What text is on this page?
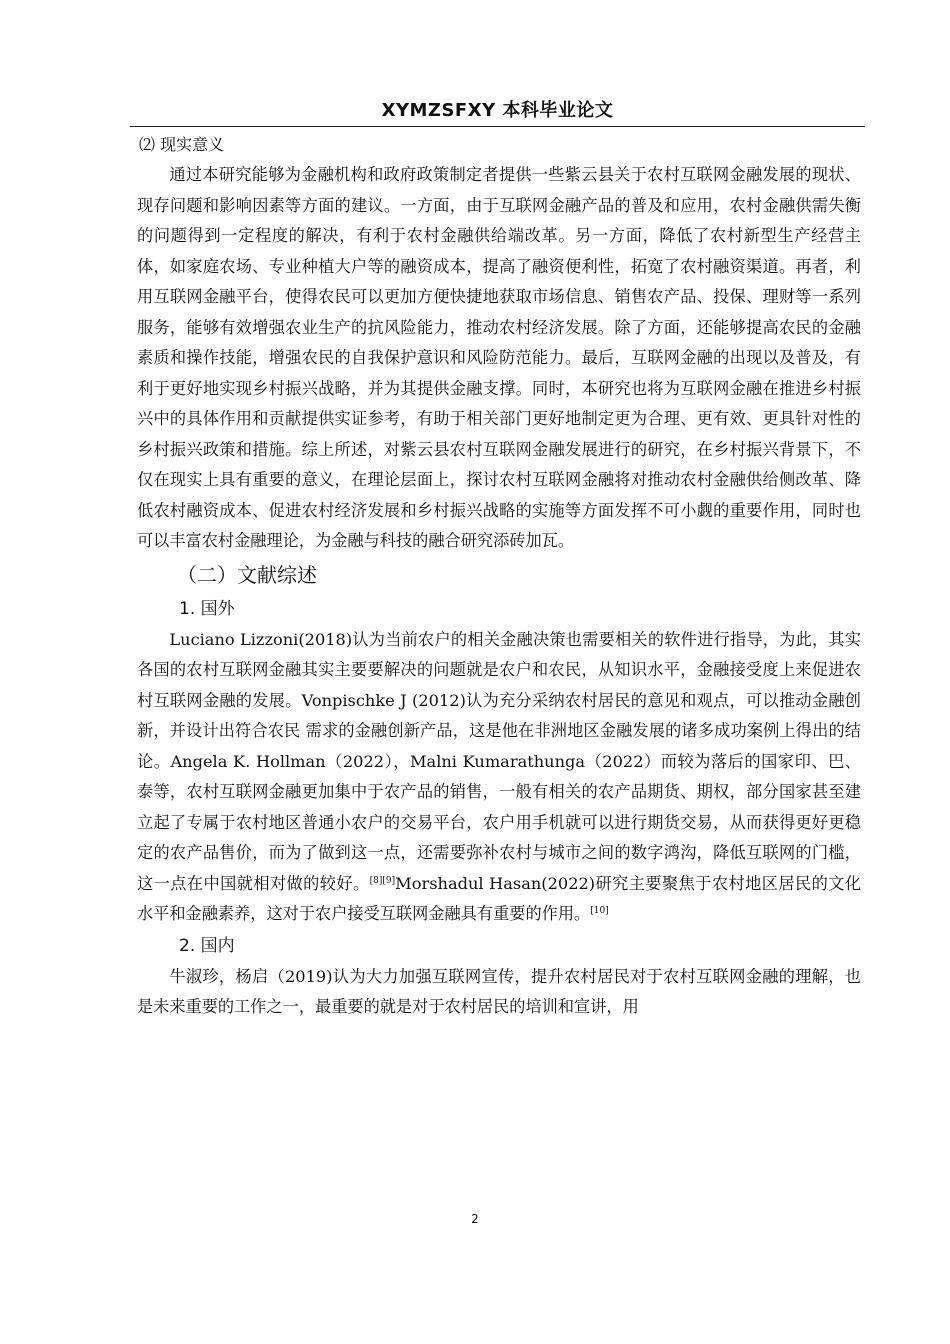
XYMZSFXY 本科毕业论文
⑵ 现实意义

通过本研究能够为金融机构和政府政策制定者提供一些紫云县关于农村互联网金融发展的现状、现存问题和影响因素等方面的建议。一方面，由于互联网金融产品的普及和应用，农村金融供需失衡的问题得到一定程度的解决，有利于农村金融供给端改革。另一方面，降低了农村新型生产经营主体，如家庭农场、专业种植大户等的融资成本，提高了融资便利性，拓宽了农村融资渠道。再者，利用互联网金融平台，使得农民可以更加方便快捷地获取市场信息、销售农产品、投保、理财等一系列服务，能够有效增强农业生产的抗风险能力，推动农村经济发展。除了方面，还能够提高农民的金融素质和操作技能，增强农民的自我保护意识和风险防范能力。最后，互联网金融的出现以及普及，有利于更好地实现乡村振兴战略，并为其提供金融支撑。同时，本研究也将为互联网金融在推进乡村振兴中的具体作用和贡献提供实证参考，有助于相关部门更好地制定更为合理、更有效、更具针对性的乡村振兴政策和措施。综上所述，对紫云县农村互联网金融发展进行的研究，在乡村振兴背景下，不仅在现实上具有重要的意义，在理论层面上，探讨农村互联网金融将对推动农村金融供给侧改革、降低农村融资成本、促进农村经济发展和乡村振兴战略的实施等方面发挥不可小觑的重要作用，同时也可以丰富农村金融理论，为金融与科技的融合研究添砖加瓦。

（二）文献综述
1. 国外

Luciano Lizzoni(2018)认为当前农户的相关金融决策也需要相关的软件进行指导，为此，其实各国的农村互联网金融其实主要要解决的问题就是农户和农民，从知识水平，金融接受度上来促进农村互联网金融的发展。Vonpischke J (2012)认为充分采纳农村居民的意见和观点，可以推动金融创新，并设计出符合农民 需求的金融创新产品，这是他在非洲地区金融发展的诸多成功案例上得出的结论。Angela K. Hollman（2022），Malni Kumarathunga（2022）而较为落后的国家印、巴、泰等，农村互联网金融更加集中于农产品的销售，一般有相关的农产品期货、期权，部分国家甚至建立起了专属于农村地区普通小农户的交易平台，农户用手机就可以进行期货交易，从而获得更好更稳定的农产品售价，而为了做到这一点，还需要弥补农村与城市之间的数字鸿沟，降低互联网的门槛，这一点在中国就相对做的较好。[8][9]Morshadul Hasan(2022)研究主要聚焦于农村地区居民的文化水平和金融素养，这对于农户接受互联网金融具有重要的作用。[10]

2. 国内

牛淑珍，杨启（2019)认为大力加强互联网宣传，提升农村居民对于农村互联网金融的理解，也是未来重要的工作之一，最重要的就是对于农村居民的培训和宣讲，用

2
